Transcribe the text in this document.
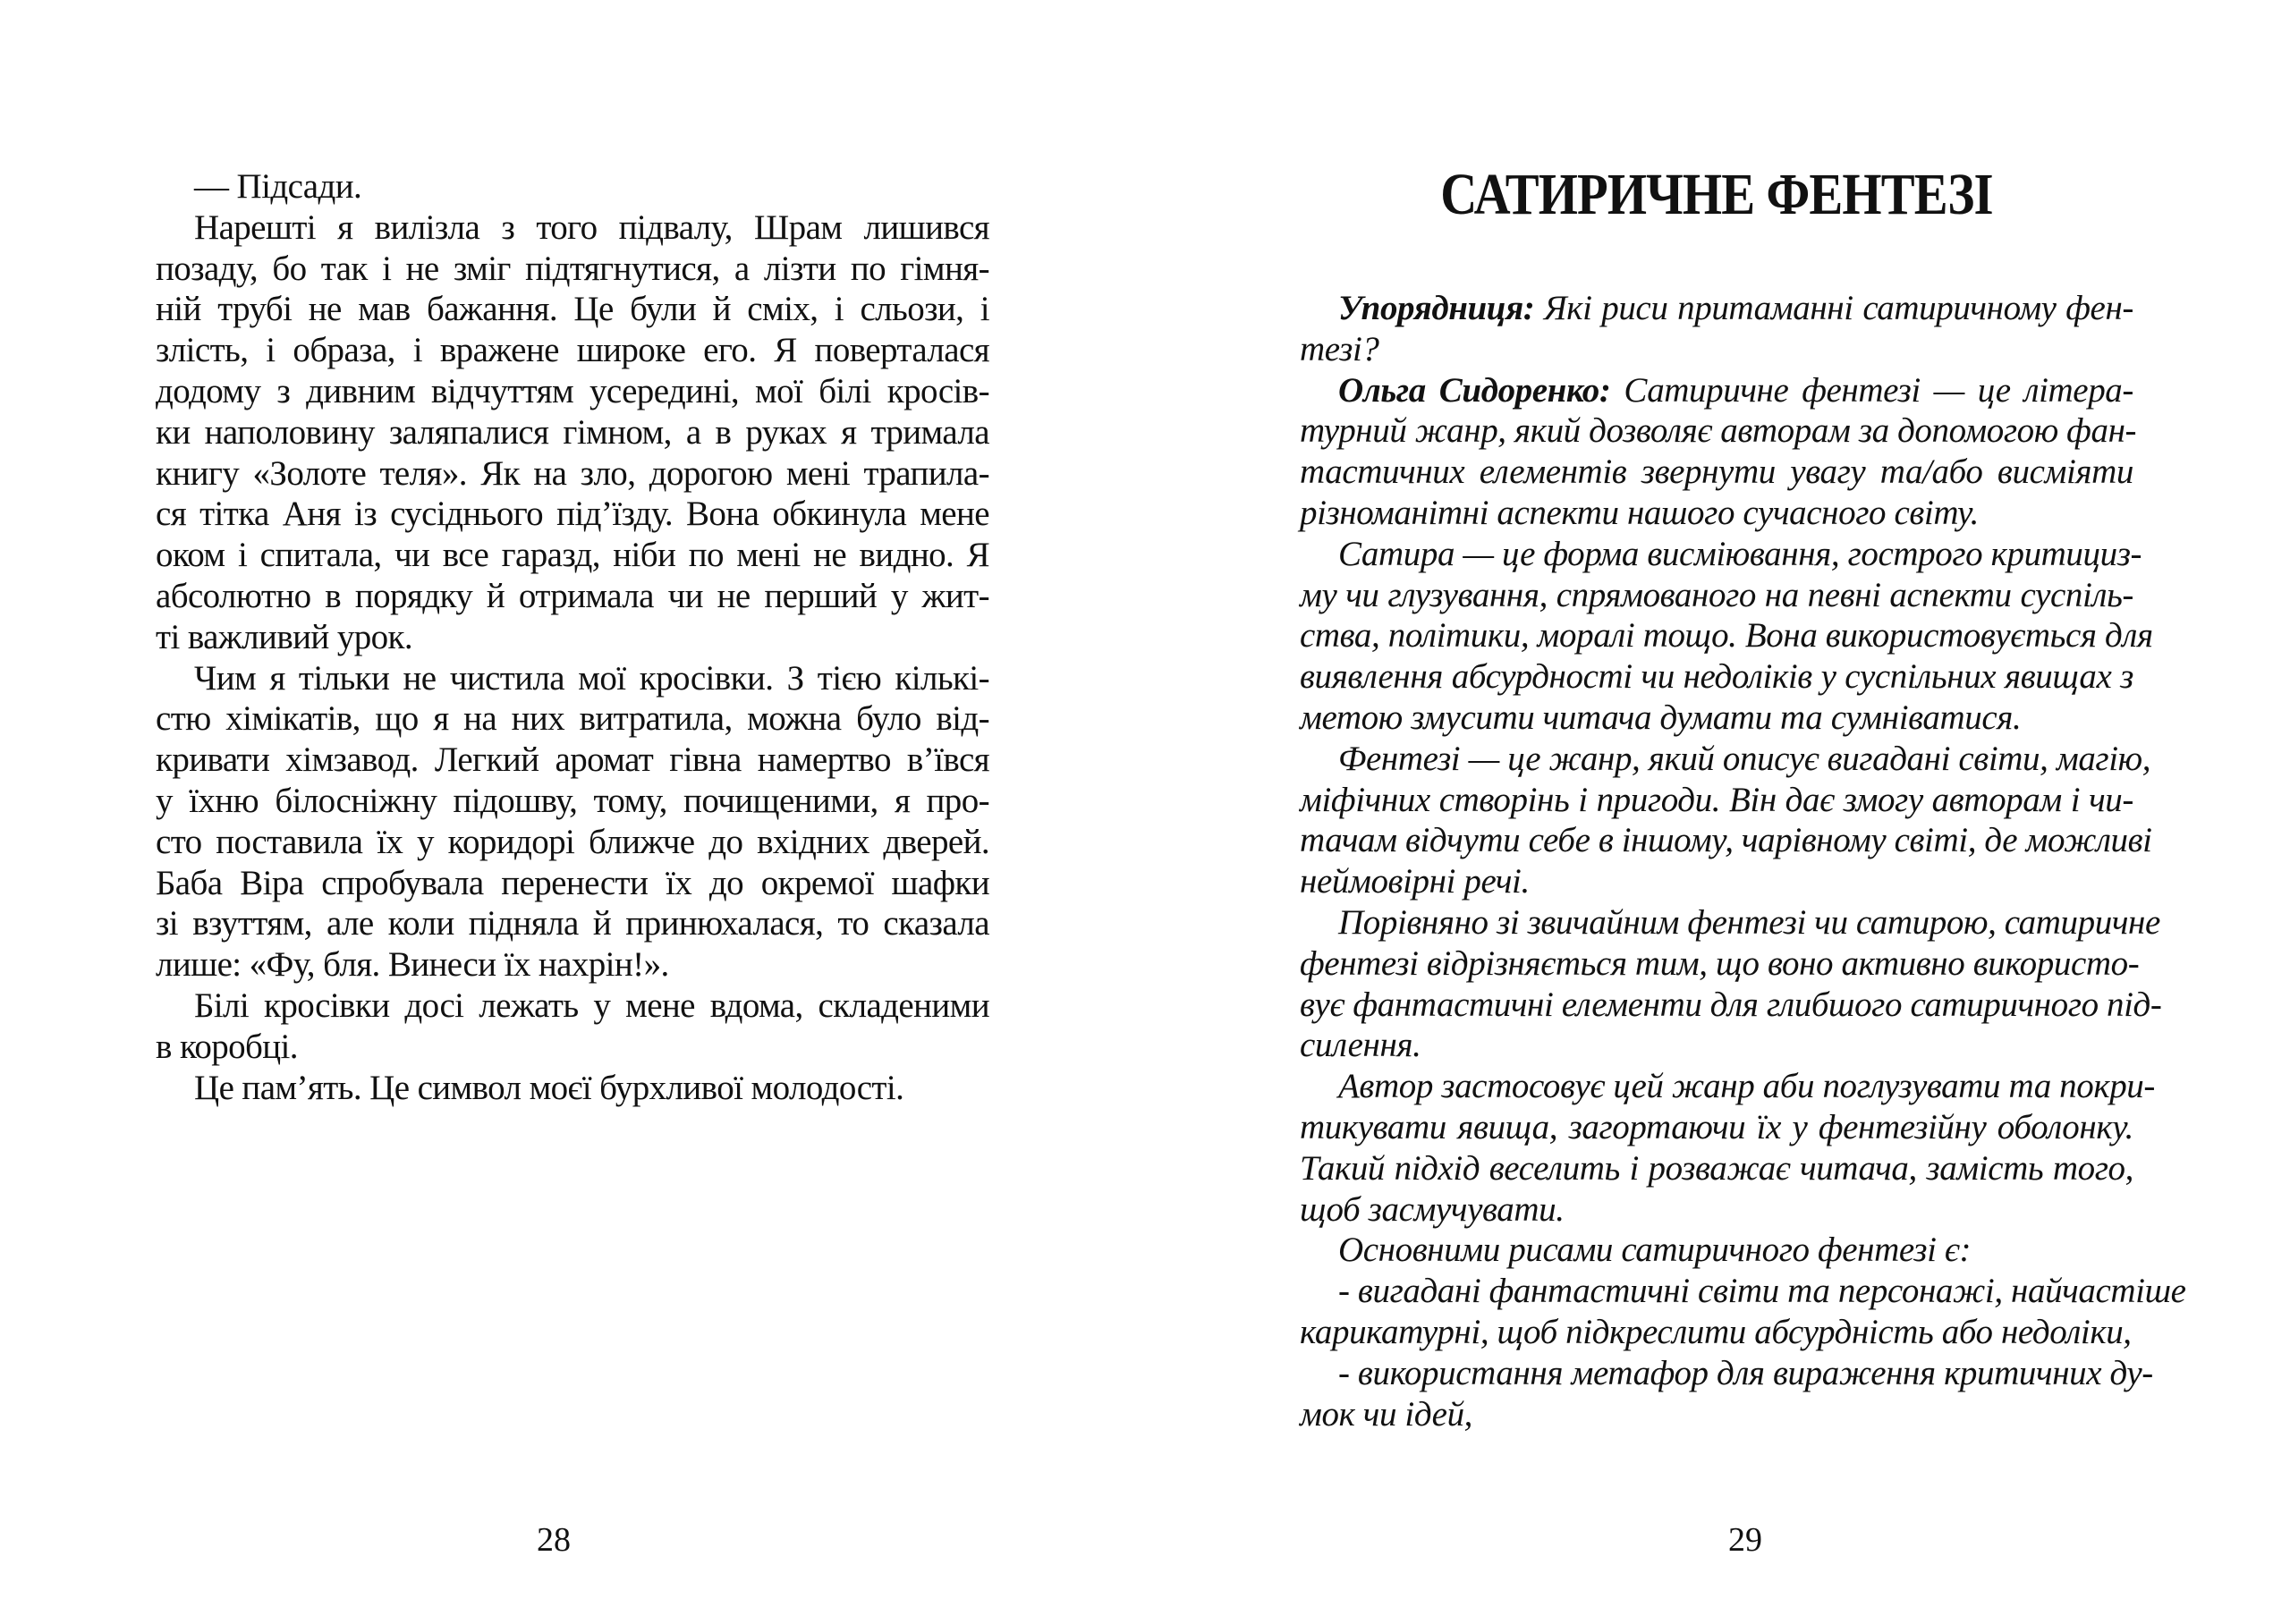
— Підсади.

Нарешті я вилізла з того підвалу, Шрам лишився
позаду, бо так і не зміг підтягнутися, а лізти по гімня-
ній трубі не мав бажання. Це були й сміх, і сльози, і
злість, і образа, і вражене широке его. Я поверталася
додому з дивним відчуттям усередині, мої білі кросів-
ки наполовину заляпалися гімном, а в руках я тримала
книгу «Золоте теля». Як на зло, дорогою мені трапила-
ся тітка Аня із сусіднього під’їзду. Вона обкинула мене
оком і спитала, чи все гаразд, ніби по мені не видно. Я
абсолютно в порядку й отримала чи не перший у жит-
ті важливий урок.

Чим я тільки не чистила мої кросівки. З тією кількі-
стю хімікатів, що я на них витратила, можна було від-
кривати хімзавод. Легкий аромат гівна намертво в’ївся
у їхню білосніжну підошву, тому, почищеними, я про-
сто поставила їх у коридорі ближче до вхідних дверей.
Баба Віра спробувала перенести їх до окремої шафки
зі взуттям, але коли підняла й принюхалася, то сказала
лише: «Фу, бля. Винеси їх нахрін!».

Білі кросівки досі лежать у мене вдома, складеними
в коробці.

Це пам’ять. Це символ моєї бурхливої молодості.

28
САТИРИЧНЕ ФЕНТЕЗІ

Упорядниця: Які риси притаманні сатиричному фен-
тезі?

Ольга Сидоренко: Сатиричне фентезі — це літера-
турний жанр, який дозволяє авторам за допомогою фан-
тастичних елементів звернути увагу та/або висміяти
різноманітні аспекти нашого сучасного світу.

Сатира — це форма висміювання, гострого критициз-
му чи глузування, спрямованого на певні аспекти суспіль-
ства, політики, моралі тощо. Вона використовується для
виявлення абсурдності чи недоліків у суспільних явищах з
метою змусити читача думати та сумніватися.

Фентезі — це жанр, який описує вигадані світи, магію,
міфічних створінь і пригоди. Він дає змогу авторам і чи-
тачам відчути себе в іншому, чарівному світі, де можливі
неймовірні речі.

Порівняно зі звичайним фентезі чи сатирою, сатиричне
фентезі відрізняється тим, що воно активно використо-
вує фантастичні елементи для глибшого сатиричного під-
силення.

Автор застосовує цей жанр аби поглузувати та покри-
тикувати явища, загортаючи їх у фентезійну оболонку.
Такий підхід веселить і розважає читача, замість того,
щоб засмучувати.

Основними рисами сатиричного фентезі є:

- вигадані фантастичні світи та персонажі, найчастіше
карикатурні, щоб підкреслити абсурдність або недоліки,

- використання метафор для вираження критичних ду-
мок чи ідей,

29
